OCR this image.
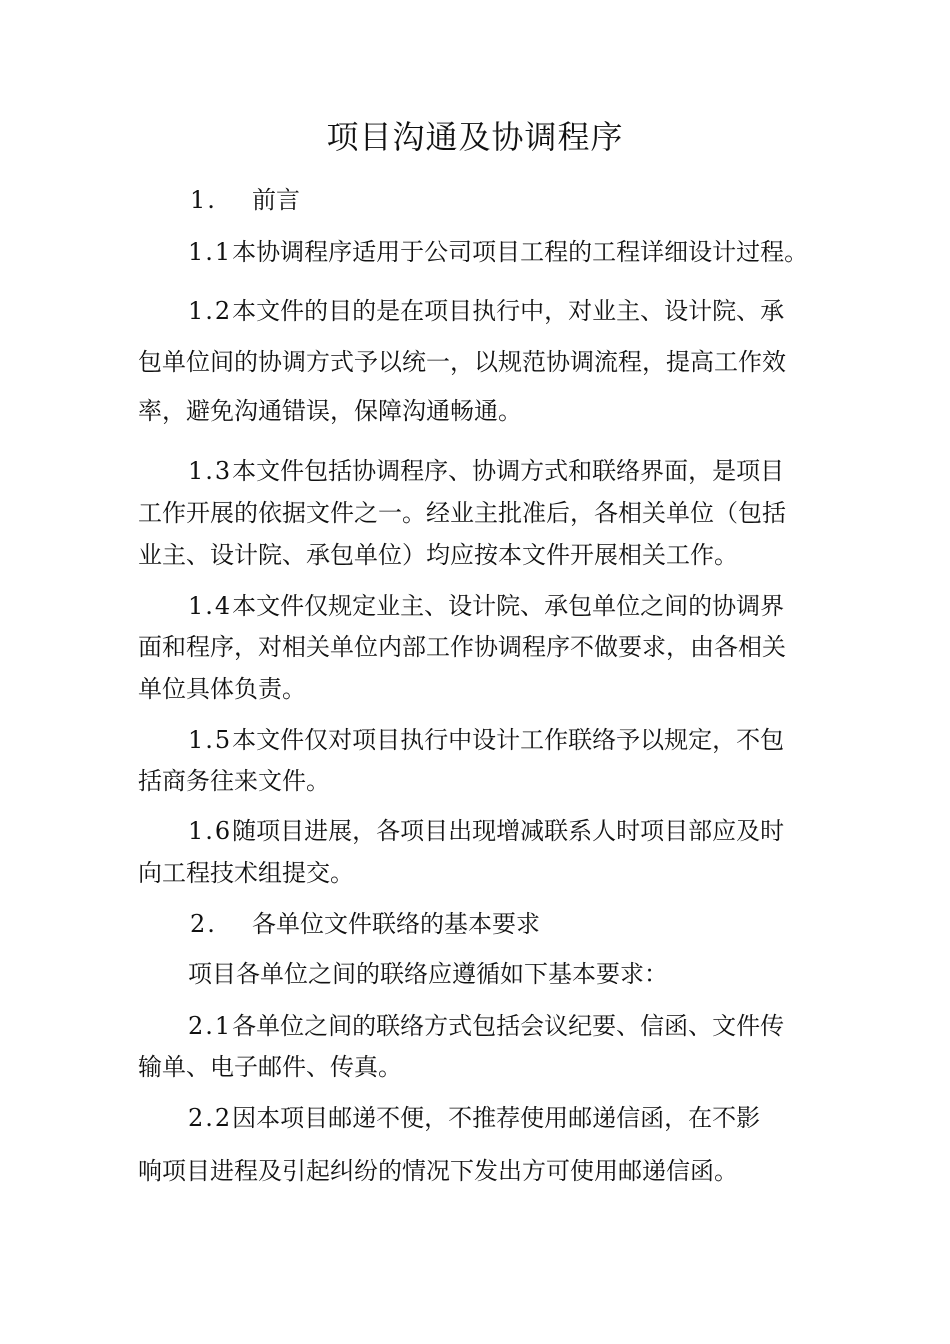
项目沟通及协调程序
1. 前言
1.1本协调程序适用于公司项目工程的工程详细设计过程。
1.2本文件的目的是在项目执行中，对业主、设计院、承
包单位间的协调方式予以统一，以规范协调流程，提高工作效
率，避免沟通错误，保障沟通畅通。
1.3本文件包括协调程序、协调方式和联络界面，是项目
工作开展的依据文件之一。经业主批准后，各相关单位（包括
业主、设计院、承包单位）均应按本文件开展相关工作。
1.4本文件仅规定业主、设计院、承包单位之间的协调界
面和程序，对相关单位内部工作协调程序不做要求，由各相关
单位具体负责。
1.5本文件仅对项目执行中设计工作联络予以规定，不包
括商务往来文件。
1.6随项目进展，各项目出现增减联系人时项目部应及时
向工程技术组提交。
2. 各单位文件联络的基本要求
项目各单位之间的联络应遵循如下基本要求：
2.1各单位之间的联络方式包括会议纪要、信函、文件传
输单、电子邮件、传真。
2.2因本项目邮递不便，不推荐使用邮递信函，在不影
响项目进程及引起纠纷的情况下发出方可使用邮递信函。
